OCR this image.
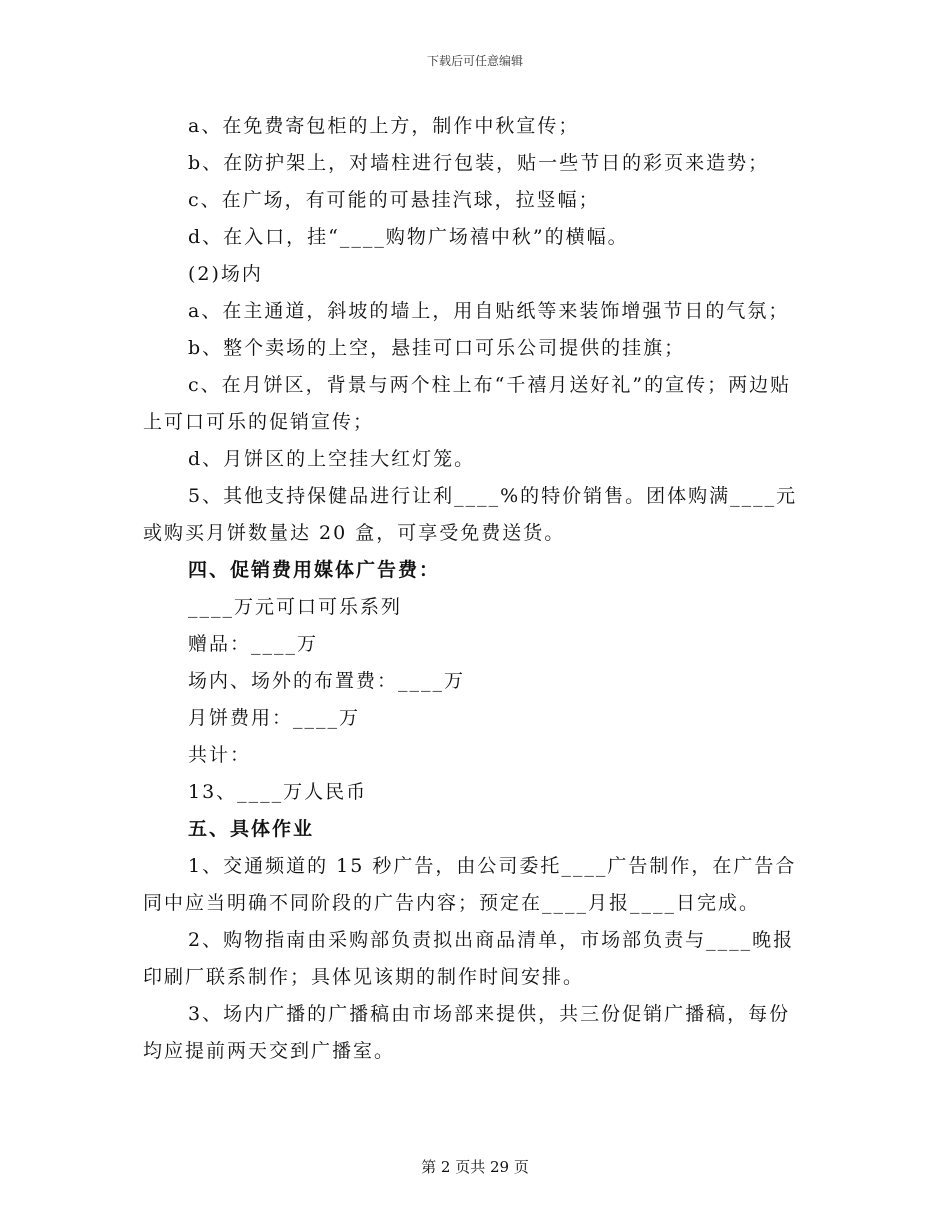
下载后可任意编辑

a、在免费寄包柜的上方，制作中秋宣传；

b、在防护架上，对墙柱进行包装，贴一些节日的彩页来造势；

c、在广场，有可能的可悬挂汽球，拉竖幅；

d、在入口，挂“____购物广场禧中秋”的横幅。

(2)场内

a、在主通道，斜坡的墙上，用自贴纸等来装饰增强节日的气氛；

b、整个卖场的上空，悬挂可口可乐公司提供的挂旗；

c、在月饼区，背景与两个柱上布“千禧月送好礼”的宣传；两边贴上可口可乐的促销宣传；

d、月饼区的上空挂大红灯笼。

5、其他支持保健品进行让利____%的特价销售。团体购满____元或购买月饼数量达 20 盒，可享受免费送货。

四、促销费用媒体广告费：

____万元可口可乐系列

赠品：____万

场内、场外的布置费：____万

月饼费用：____万

共计：

13、____万人民币

五、具体作业

1、交通频道的 15 秒广告，由公司委托____广告制作，在广告合同中应当明确不同阶段的广告内容；预定在____月报____日完成。

2、购物指南由采购部负责拟出商品清单，市场部负责与____晚报印刷厂联系制作；具体见该期的制作时间安排。

3、场内广播的广播稿由市场部来提供，共三份促销广播稿，每份均应提前两天交到广播室。

第 2 页共 29 页
